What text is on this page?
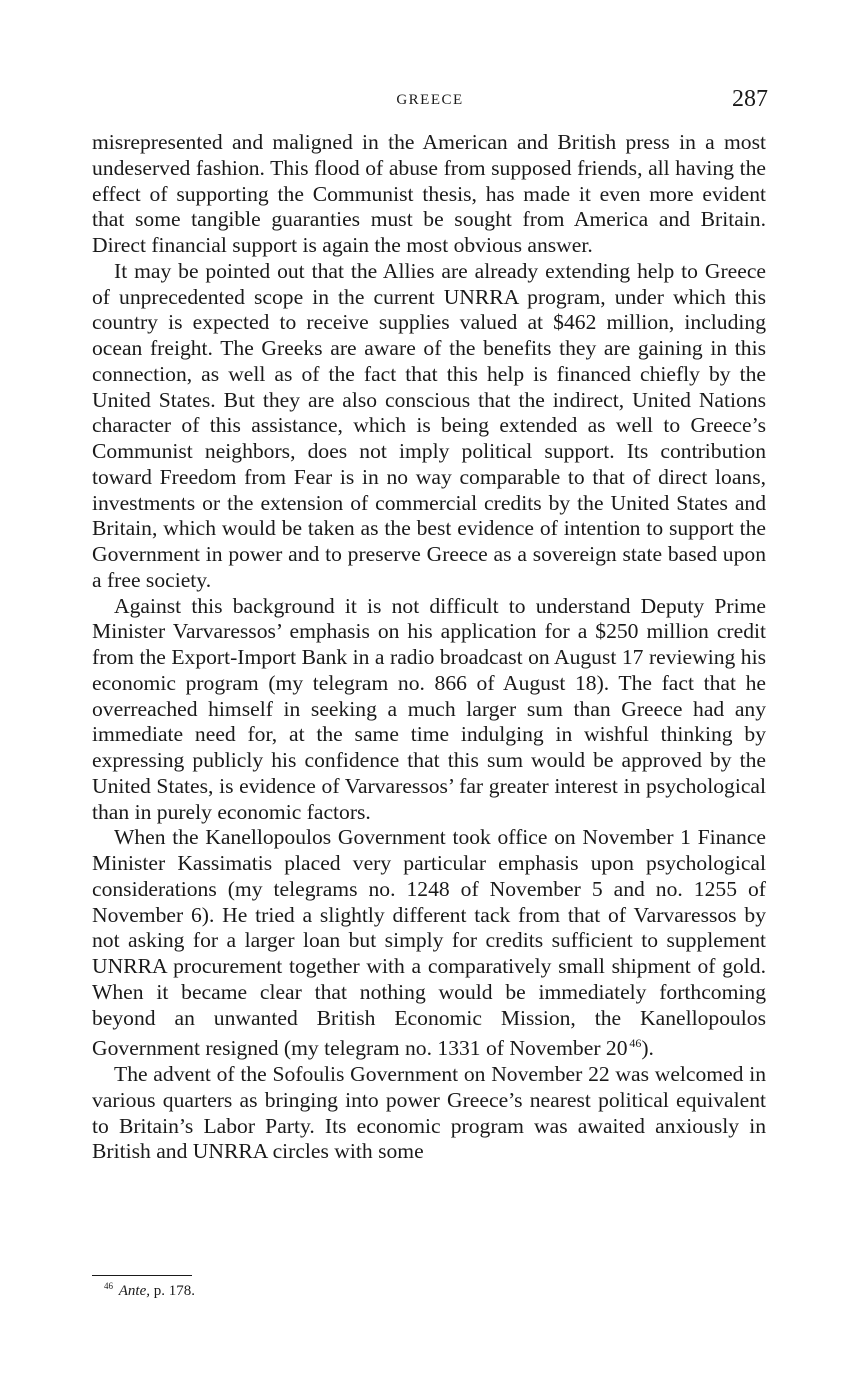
GREECE	287

misrepresented and maligned in the American and British press in a most undeserved fashion. This flood of abuse from supposed friends, all having the effect of supporting the Communist thesis, has made it even more evident that some tangible guaranties must be sought from America and Britain. Direct financial support is again the most obvious answer.

It may be pointed out that the Allies are already extending help to Greece of unprecedented scope in the current UNRRA program, under which this country is expected to receive supplies valued at $462 million, including ocean freight. The Greeks are aware of the benefits they are gaining in this connection, as well as of the fact that this help is financed chiefly by the United States. But they are also conscious that the indirect, United Nations character of this assistance, which is being extended as well to Greece’s Communist neighbors, does not imply political support. Its contribution toward Freedom from Fear is in no way comparable to that of direct loans, investments or the extension of commercial credits by the United States and Britain, which would be taken as the best evidence of intention to support the Government in power and to preserve Greece as a sovereign state based upon a free society.

Against this background it is not difficult to understand Deputy Prime Minister Varvaressos’ emphasis on his application for a $250 million credit from the Export-Import Bank in a radio broadcast on August 17 reviewing his economic program (my telegram no. 866 of August 18). The fact that he overreached himself in seeking a much larger sum than Greece had any immediate need for, at the same time indulging in wishful thinking by expressing publicly his confidence that this sum would be approved by the United States, is evidence of Varvaressos’ far greater interest in psychological than in purely economic factors.

When the Kanellopoulos Government took office on November 1 Finance Minister Kassimatis placed very particular emphasis upon psychological considerations (my telegrams no. 1248 of November 5 and no. 1255 of November 6). He tried a slightly different tack from that of Varvaressos by not asking for a larger loan but simply for credits sufficient to supplement UNRRA procurement together with a comparatively small shipment of gold. When it became clear that nothing would be immediately forthcoming beyond an unwanted British Economic Mission, the Kanellopoulos Government resigned (my telegram no. 1331 of November 20  $^{46}$).

The advent of the Sofoulis Government on November 22 was welcomed in various quarters as bringing into power Greece’s nearest political equivalent to Britain’s Labor Party. Its economic program was awaited anxiously in British and UNRRA circles with some

$^{46}$ Ante, p. 178.
